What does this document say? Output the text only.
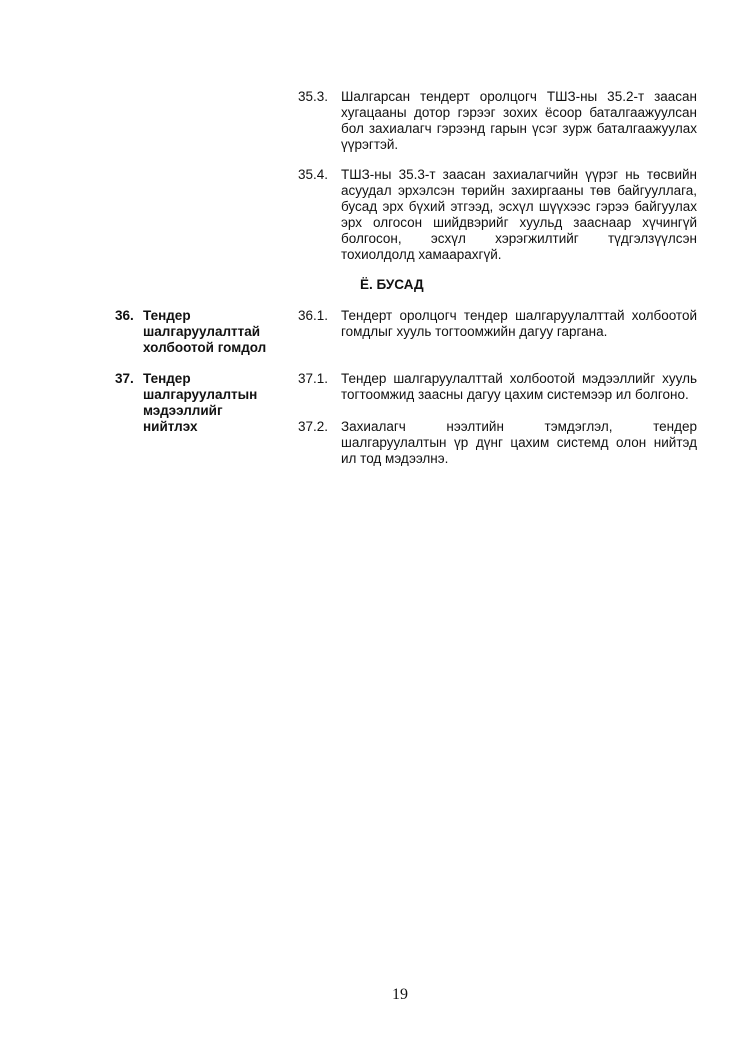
35.3. Шалгарсан тендерт оролцогч ТШЗ-ны 35.2-т заасан
хугацааны дотор гэрээг зохих ёсоор баталгаажуулсан
бол захиалагч гэрээнд гарын үсэг зурж баталгаажуулах
үүрэгтэй.
35.4. ТШЗ-ны 35.3-т заасан захиалагчийн үүрэг нь төсвийн
асуудал эрхэлсэн төрийн захиргааны төв байгууллага,
бусад эрх бүхий этгээд, эсхүл шүүхээс гэрээ байгуулах
эрх олгосон шийдвэрийг хуульд зааснаар хүчингүй
болгосон, эсхүл хэрэгжилтийг түдгэлзүүлсэн
тохиолдолд хамаарахгүй.
Ё. БУСАД
36. Тендер
шалгаруулалттай
холбоотой гомдол
36.1. Тендерт оролцогч тендер шалгаруулалттай холбоотой
гомдлыг хууль тогтоомжийн дагуу гаргана.
37. Тендер
шалгаруулалтын
мэдээллийг
нийтлэх
37.1. Тендер шалгаруулалттай холбоотой мэдээллийг хууль
тогтоомжид заасны дагуу цахим системээр ил болгоно.
37.2. Захиалагч нээлтийн тэмдэглэл, тендер
шалгаруулалтын үр дүнг цахим системд олон нийтэд
ил тод мэдээлнэ.
19
